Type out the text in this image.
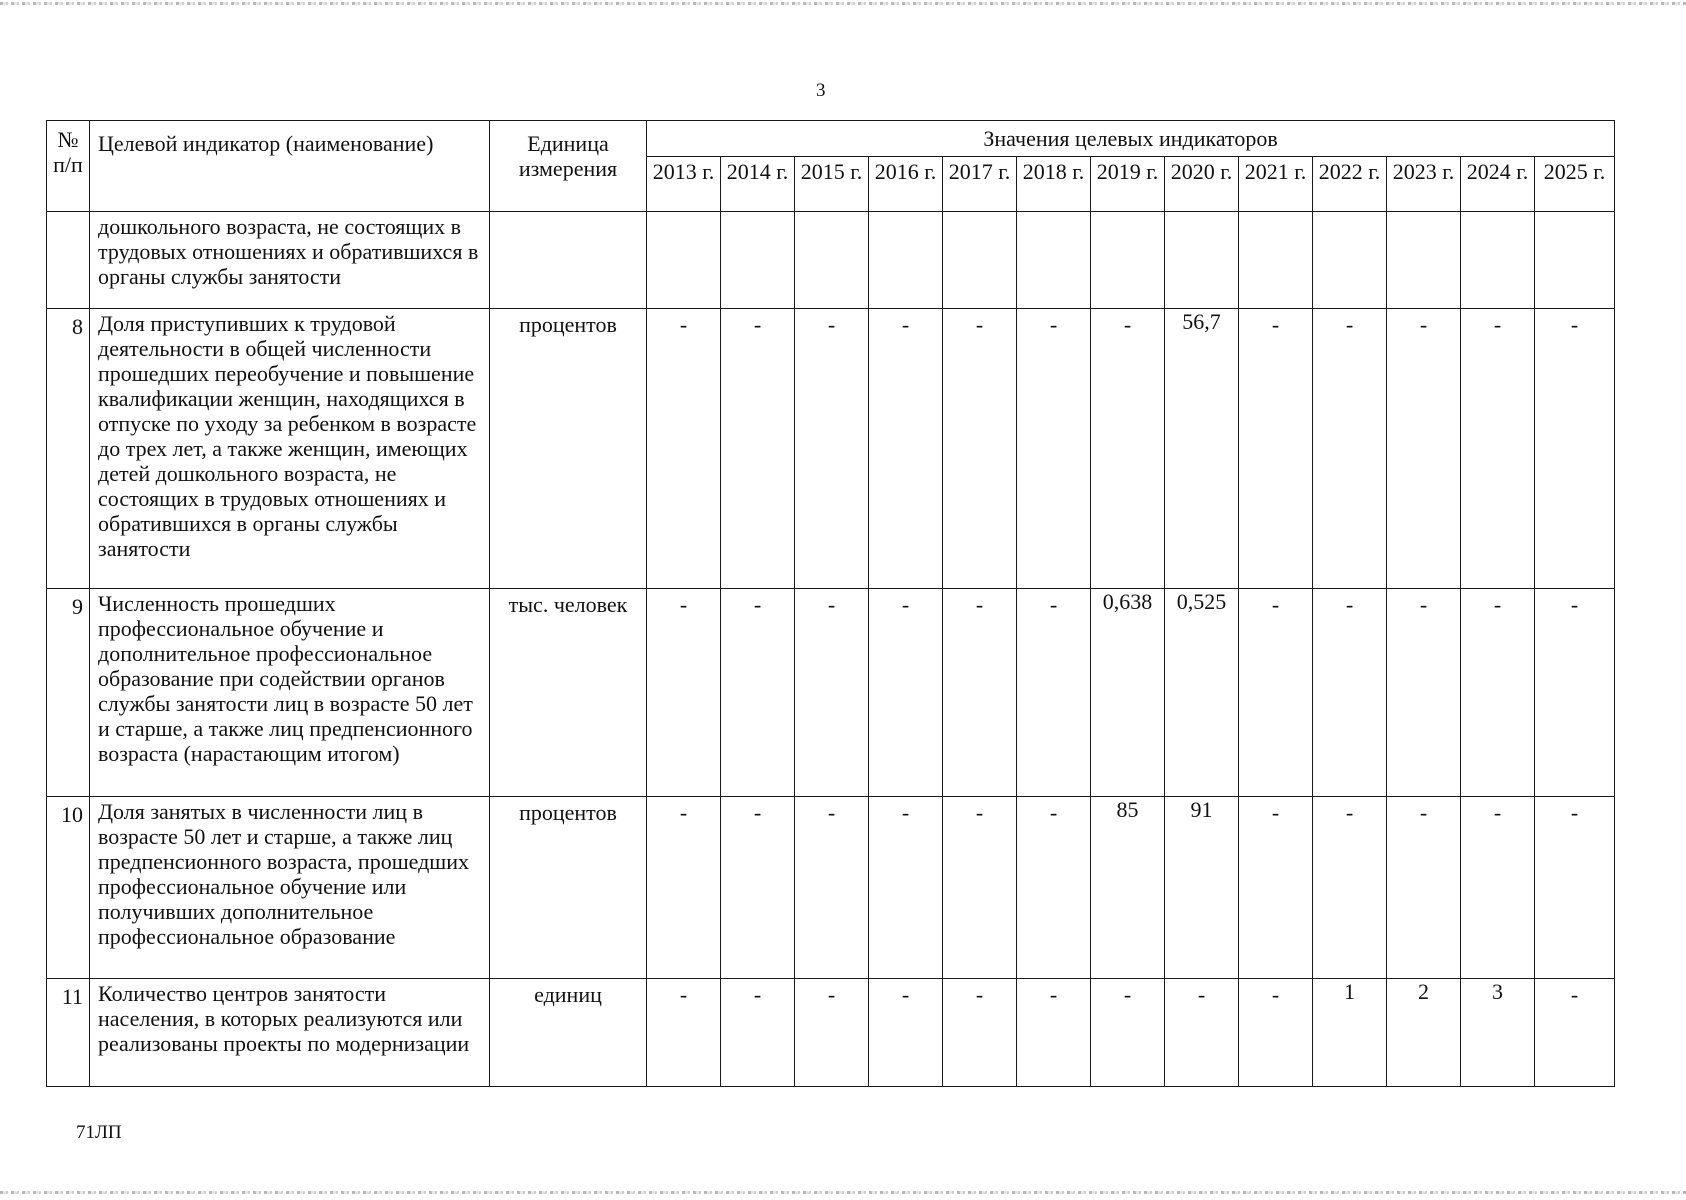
3
№ п/п	Целевой индикатор (наименование)	Единица измерения	Значения целевых индикаторов												
			2013 г.	2014 г.	2015 г.	2016 г.	2017 г.	2018 г.	2019 г.	2020 г.	2021 г.	2022 г.	2023 г.	2024 г.	2025 г.
	дошкольного возраста, не состоящих в трудовых отношениях и обратившихся в органы службы занятости														
8	Доля приступивших к трудовой деятельности в общей численности прошедших переобучение и повышение квалификации женщин, находящихся в отпуске по уходу за ребенком в возрасте до трех лет, а также женщин, имеющих детей дошкольного возраста, не состоящих в трудовых отношениях и обратившихся в органы службы занятости	процентов	-	-	-	-	-	-	-	56,7	-	-	-	-	-
9	Численность прошедших профессиональное обучение и дополнительное профессиональное образование при содействии органов службы занятости лиц в возрасте 50 лет и старше, а также лиц предпенсионного возраста (нарастающим итогом)	тыс. человек	-	-	-	-	-	-	0,638	0,525	-	-	-	-	-
10	Доля занятых в численности лиц в возрасте 50 лет и старше, а также лиц предпенсионного возраста, прошедших профессиональное обучение или получивших дополнительное профессиональное образование	процентов	-	-	-	-	-	-	85	91	-	-	-	-	-
11	Количество центров занятости населения, в которых реализуются или реализованы проекты по модернизации	единиц	-	-	-	-	-	-	-	-	-	1	2	3	-
71ЛП
